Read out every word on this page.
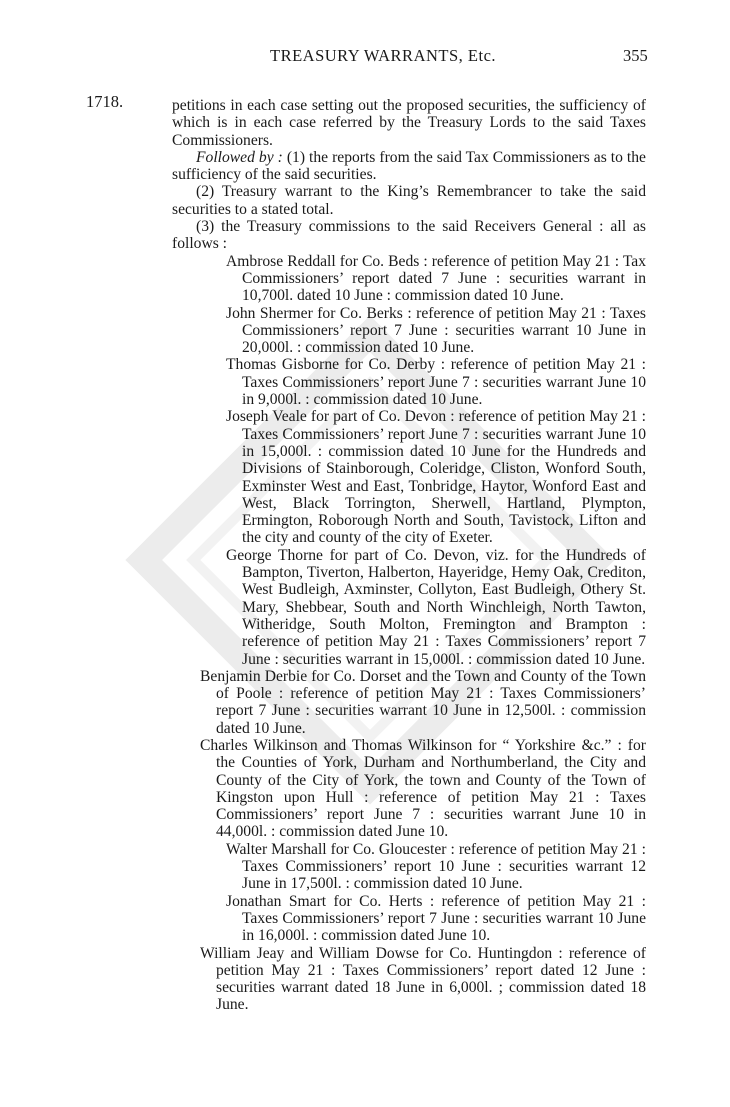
TREASURY WARRANTS, Etc.	355
1718.	petitions in each case setting out the proposed securities, the sufficiency of which is in each case referred by the Treasury Lords to the said Taxes Commissioners.

Followed by : (1) the reports from the said Tax Commissioners as to the sufficiency of the said securities.

(2) Treasury warrant to the King’s Remembrancer to take the said securities to a stated total.

(3) the Treasury commissions to the said Receivers General : all as follows :

Ambrose Reddall for Co. Beds : reference of petition May 21 : Tax Commissioners’ report dated 7 June : securities warrant in 10,700l. dated 10 June : commission dated 10 June.
John Shermer for Co. Berks : reference of petition May 21 : Taxes Commissioners’ report 7 June : securities warrant 10 June in 20,000l. : commission dated 10 June.
Thomas Gisborne for Co. Derby : reference of petition May 21 : Taxes Commissioners’ report June 7 : securities warrant June 10 in 9,000l. : commission dated 10 June.
Joseph Veale for part of Co. Devon : reference of petition May 21 : Taxes Commissioners’ report June 7 : securities warrant June 10 in 15,000l. : commission dated 10 June for the Hundreds and Divisions of Stainborough, Coleridge, Cliston, Wonford South, Exminster West and East, Tonbridge, Haytor, Wonford East and West, Black Torrington, Sherwell, Hartland, Plympton, Ermington, Roborough North and South, Tavistock, Lifton and the city and county of the city of Exeter.
George Thorne for part of Co. Devon, viz. for the Hundreds of Bampton, Tiverton, Halberton, Hayeridge, Hemy Oak, Crediton, West Budleigh, Axminster, Collyton, East Budleigh, Othery St. Mary, Shebbear, South and North Winchleigh, North Tawton, Witheridge, South Molton, Fremington and Brampton : reference of petition May 21 : Taxes Commissioners’ report 7 June : securities warrant in 15,000l. : commission dated 10 June.
Benjamin Derbie for Co. Dorset and the Town and County of the Town of Poole : reference of petition May 21 : Taxes Commissioners’ report 7 June : securities warrant 10 June in 12,500l. : commission dated 10 June.
Charles Wilkinson and Thomas Wilkinson for “ Yorkshire &c.” : for the Counties of York, Durham and Northumberland, the City and County of the City of York, the town and County of the Town of Kingston upon Hull : reference of petition May 21 : Taxes Commissioners’ report June 7 : securities warrant June 10 in 44,000l. : commission dated June 10.
Walter Marshall for Co. Gloucester : reference of petition May 21 : Taxes Commissioners’ report 10 June : securities warrant 12 June in 17,500l. : commission dated 10 June.
Jonathan Smart for Co. Herts : reference of petition May 21 : Taxes Commissioners’ report 7 June : securities warrant 10 June in 16,000l. : commission dated June 10.
William Jeay and William Dowse for Co. Huntingdon : reference of petition May 21 : Taxes Commissioners’ report dated 12 June : securities warrant dated 18 June in 6,000l. ; commission dated 18 June.
